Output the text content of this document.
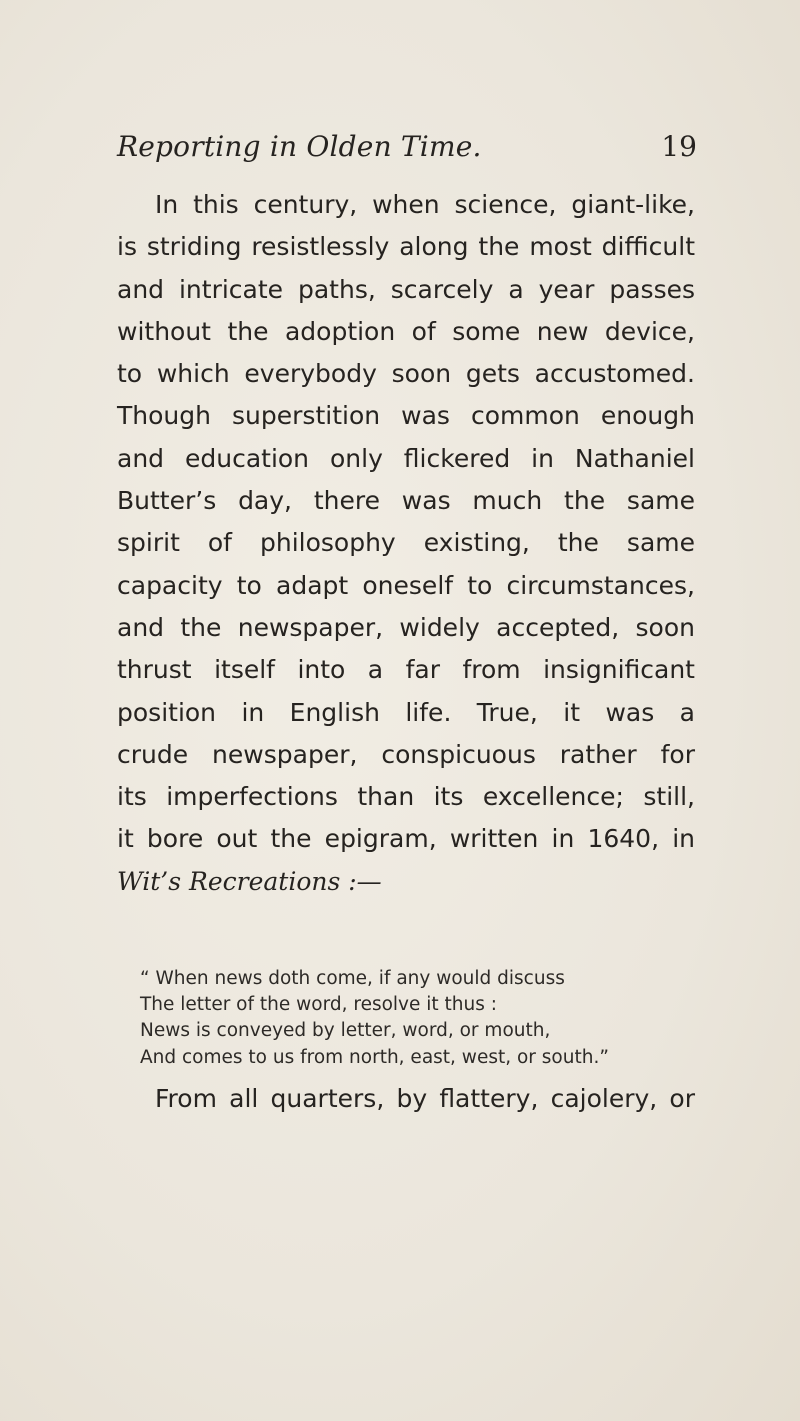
Reporting in Olden Time.	19
In this century, when science, giant-like,
is striding resistlessly along the most difficult
and intricate paths, scarcely a year passes
without the adoption of some new device,
to which everybody soon gets accustomed.
Though superstition was common enough
and education only flickered in Nathaniel
Butter’s day, there was much the same
spirit of philosophy existing, the same
capacity to adapt oneself to circumstances,
and the newspaper, widely accepted, soon
thrust itself into a far from insignificant
position in English life. True, it was a
crude newspaper, conspicuous rather for
its imperfections than its excellence; still,
it bore out the epigram, written in 1640, in
Wit’s Recreations :—
“ When news doth come, if any would discuss
The letter of the word, resolve it thus :
News is conveyed by letter, word, or mouth,
And comes to us from north, east, west, or south.”
From all quarters, by flattery, cajolery, or
